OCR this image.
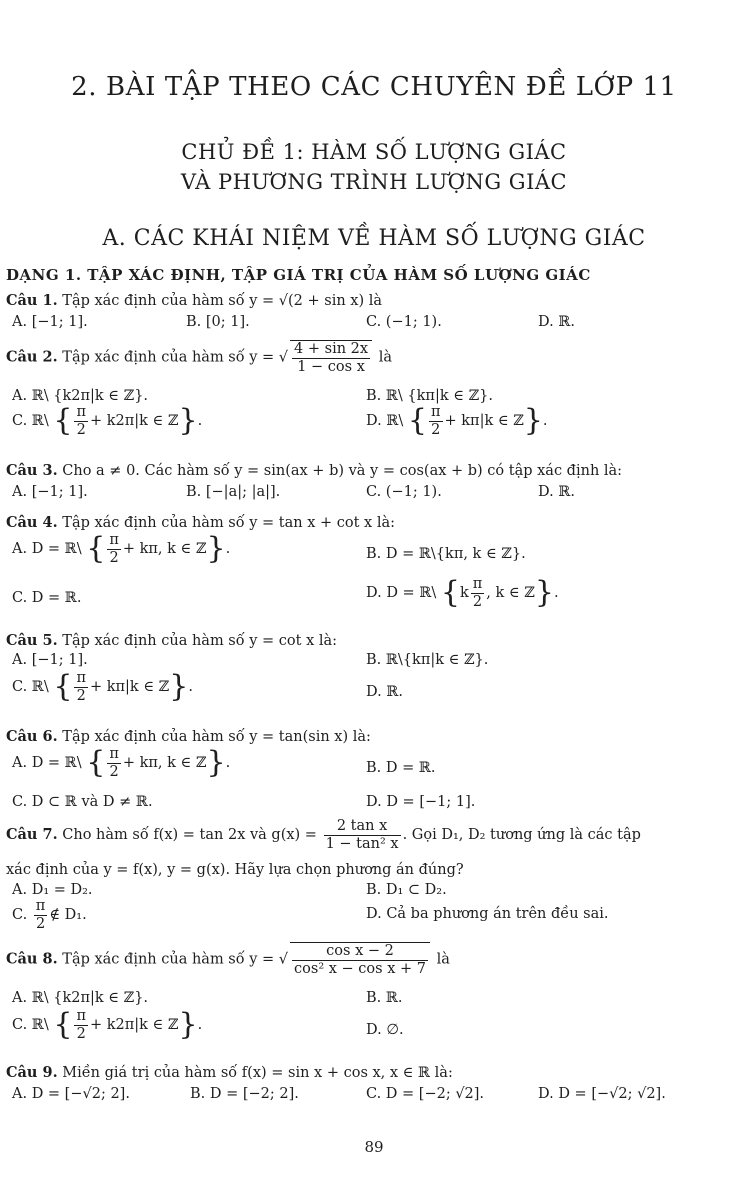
2. BÀI TẬP THEO CÁC CHUYÊN ĐỀ LỚP 11
CHỦ ĐỀ 1: HÀM SỐ LƯỢNG GIÁC
VÀ PHƯƠNG TRÌNH LƯỢNG GIÁC
A. CÁC KHÁI NIỆM VỀ HÀM SỐ LƯỢNG GIÁC
DẠNG 1. TẬP XÁC ĐỊNH, TẬP GIÁ TRỊ CỦA HÀM SỐ LƯỢNG GIÁC
Câu 1. Tập xác định của hàm số y = √(2 + sin x) là
A. [−1; 1].	B. [0; 1].	C. (−1; 1).	D. ℝ.
Câu 2. Tập xác định của hàm số y = √ $\frac{4 + \sin 2x}{\text{1 − cos x}}$ là
A. ℝ\ {k2π|k ∈ ℤ}.	B. ℝ\ {kπ|k ∈ ℤ}.
C. ℝ\ { $\frac{\pi}{2} + k2\pi|k$ ∈ ℤ}.	D. ℝ\ { $\frac{\pi}{2} + k\pi|k$ ∈ ℤ}.
Câu 3. Cho a ≠ 0. Các hàm số y = sin(ax + b) và y = cos(ax + b) có tập xác định là:
A. [−1; 1].	B. [−|a|; |a|].	C. (−1; 1).	D. ℝ.
Câu 4. Tập xác định của hàm số y = tan x + cot x là:
A. D = ℝ\ { $\frac{\pi}{2} + k\pi$, k ∈ ℤ}.	B. D = ℝ\{kπ, k ∈ ℤ}.
C. D = ℝ.	D. D = ℝ\ {$k \frac{\pi}{2}$ , k ∈ ℤ}.
Câu 5. Tập xác định của hàm số y = cot x là:
A. [−1; 1].	B. ℝ\{kπ|k ∈ ℤ}.
C. ℝ\ { $\frac{\pi}{2} + k\pi|k$ ∈ ℤ}.	D. ℝ.
Câu 6. Tập xác định của hàm số y = tan(sin x) là:
A. D = ℝ\ { $\frac{\pi}{2} + k\pi$, k ∈ ℤ}.	B. D = ℝ.
C. D ⊂ ℝ và D ≠ ℝ.	D. D = [−1; 1].
Câu 7. Cho hàm số f(x) = tan 2x và $g(x) = \frac{\text{2 tan x}}{\text{1 − tan² x}}$ . Gọi D₁, D₂ tương ứng là các tập
xác định của y = f(x), y = g(x). Hãy lựa chọn phương án đúng?
A. D₁ = D₂.	B. D₁ ⊂ D₂.
C. $\frac{\pi}{2}$ ∉ D₁.	D. Cả ba phương án trên đều sai.
Câu 8. Tập xác định của hàm số y = √ $\frac{\text{cos x − 2}}{\text{cos² x − cos x + 7}}$ là
A. ℝ\ {k2π|k ∈ ℤ}.	B. ℝ.
C. ℝ\ { $\frac{\pi}{2} + k2\pi|k$ ∈ ℤ}.	D. ∅.
Câu 9. Miền giá trị của hàm số f(x) = sin x + cos x, x ∈ ℝ là:
A. D = [−√2; 2].	B. D = [−2; 2].	C. D = [−2; √2].	D. D = [−√2; √2].
89
